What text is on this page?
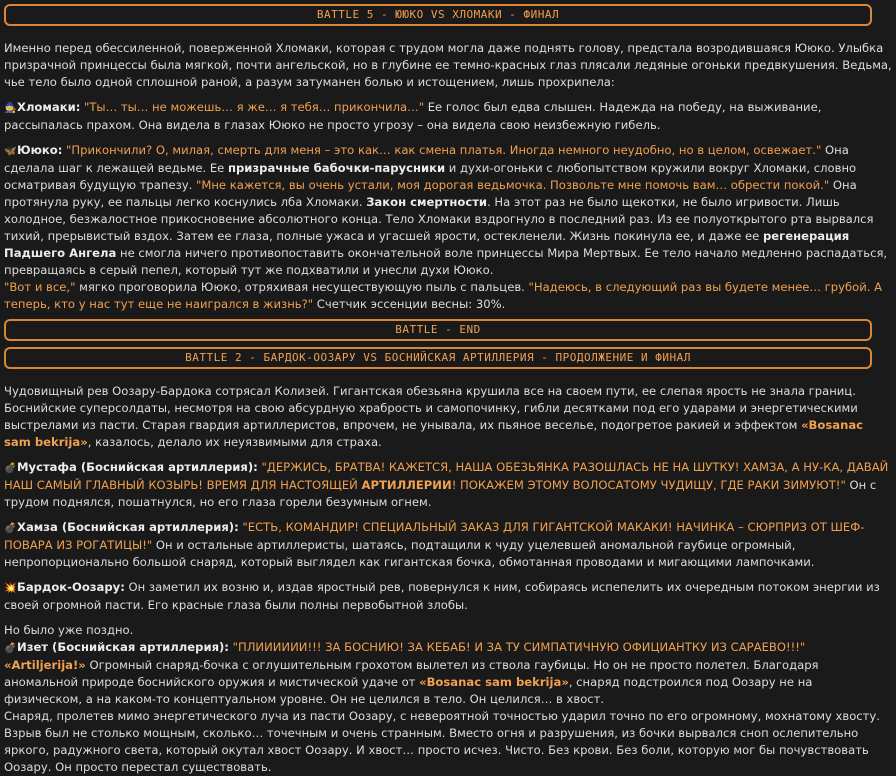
BATTLE 5 - ЮЮКО VS ХЛОМАКИ - ФИНАЛ

Именно перед обессиленной, поверженной Хломаки, которая с трудом могла даже поднять голову, предстала возродившаяся Ююко. Улыбка призрачной принцессы была мягкой, почти ангельской, но в глубине ее темно-красных глаз плясали ледяные огоньки предвкушения. Ведьма, чье тело было одной сплошной раной, а разум затуманен болью и истощением, лишь прохрипела:

🧙Хломаки: "Ты… ты… не можешь… я же… я тебя… прикончила…" Ее голос был едва слышен. Надежда на победу, на выживание, рассыпалась прахом. Она видела в глазах Ююко не просто угрозу – она видела свою неизбежную гибель.

🦋Ююко: "Прикончили? О, милая, смерть для меня – это как… как смена платья. Иногда немного неудобно, но в целом, освежает." Она сделала шаг к лежащей ведьме. Ее призрачные бабочки-парусники и духи-огоньки с любопытством кружили вокруг Хломаки, словно осматривая будущую трапезу. "Мне кажется, вы очень устали, моя дорогая ведьмочка. Позвольте мне помочь вам… обрести покой." Она протянула руку, ее пальцы легко коснулись лба Хломаки. Закон смертности. На этот раз не было щекотки, не было игривости. Лишь холодное, безжалостное прикосновение абсолютного конца. Тело Хломаки вздрогнуло в последний раз. Из ее полуоткрытого рта вырвался тихий, прерывистый вздох. Затем ее глаза, полные ужаса и угасшей ярости, остекленели. Жизнь покинула ее, и даже ее регенерация Падшего Ангела не смогла ничего противопоставить окончательной воле принцессы Мира Мертвых. Ее тело начало медленно распадаться, превращаясь в серый пепел, который тут же подхватили и унесли духи Ююко.
"Вот и все," мягко проговорила Ююко, отряхивая несуществующую пыль с пальцев. "Надеюсь, в следующий раз вы будете менее… грубой. А теперь, кто у нас тут еще не наигрался в жизнь?" Счетчик эссенции весны: 30%.

BATTLE - END
BATTLE 2 - БАРДОК-ООЗАРУ VS БОСНИЙСКАЯ АРТИЛЛЕРИЯ - ПРОДОЛЖЕНИЕ И ФИНАЛ

Чудовищный рев Оозару-Бардока сотряcал Колизей. Гигантская обезьяна крушила все на своем пути, ее слепая ярость не знала границ. Боснийские суперсолдаты, несмотря на свою абсурдную храбрость и самопочинку, гибли десятками под его ударами и энергетическими выстрелами из пасти. Старая гвардия артиллеристов, впрочем, не унывала, их пьяное веселье, подогретое ракией и эффектом «Bosanac sam bekrija», казалось, делало их неуязвимыми для страха.

💣Мустафа (Боснийская артиллерия): "ДЕРЖИСЬ, БРАТВА! КАЖЕТСЯ, НАША ОБЕЗЬЯНКА РАЗОШЛАСЬ НЕ НА ШУТКУ! ХАМЗА, А НУ-КА, ДАВАЙ НАШ САМЫЙ ГЛАВНЫЙ КОЗЫРЬ! ВРЕМЯ ДЛЯ НАСТОЯЩЕЙ АРТИЛЛЕРИИ! ПОКАЖЕМ ЭТОМУ ВОЛОСАТОМУ ЧУДИЩУ, ГДЕ РАКИ ЗИМУЮТ!" Он с трудом поднялся, пошатнулся, но его глаза горели безумным огнем.

💣Хамза (Боснийская артиллерия): "ЕСТЬ, КОМАНДИР! СПЕЦИАЛЬНЫЙ ЗАКАЗ ДЛЯ ГИГАНТСКОЙ МАКАКИ! НАЧИНКА – СЮРПРИЗ ОТ ШЕФ-ПОВАРА ИЗ РОГАТИЦЫ!" Он и остальные артиллеристы, шатаясь, подтащили к чуду уцелевшей аномальной гаубице огромный, непропорционально большой снаряд, который выглядел как гигантская бочка, обмотанная проводами и мигающими лампочками.

💥Бардок-Оозару: Он заметил их возню и, издав яростный рев, повернулся к ним, собираясь испепелить их очередным потоком энергии из своей огромной пасти. Его красные глаза были полны первобытной злобы.

Но было уже поздно.

💣Изет (Боснийская артиллерия): "ПЛИИИИИИ!!! ЗА БОСНИЮ! ЗА КЕБАБ! И ЗА ТУ СИМПАТИЧНУЮ ОФИЦИАНТКУ ИЗ САРАЕВО!!!"
«Artiljerija!» Огромный снаряд-бочка с оглушительным грохотом вылетел из ствола гаубицы. Но он не просто полетел. Благодаря аномальной природе боснийского оружия и мистической удаче от «Bosanac sam bekrija», снаряд подстроился под Оозару не на физическом, а на каком-то концептуальном уровне. Он не целился в тело. Он целился… в хвост.

Снаряд, пролетев мимо энергетического луча из пасти Оозару, с невероятной точностью ударил точно по его огромному, мохнатому хвосту.

Взрыв был не столько мощным, сколько… точечным и очень странным. Вместо огня и разрушения, из бочки вырвался сноп ослепительно яркого, радужного света, который окутал хвост Оозару. И хвост… просто исчез. Чисто. Без крови. Без боли, которую мог бы почувствовать Оозару. Он просто перестал существовать.
